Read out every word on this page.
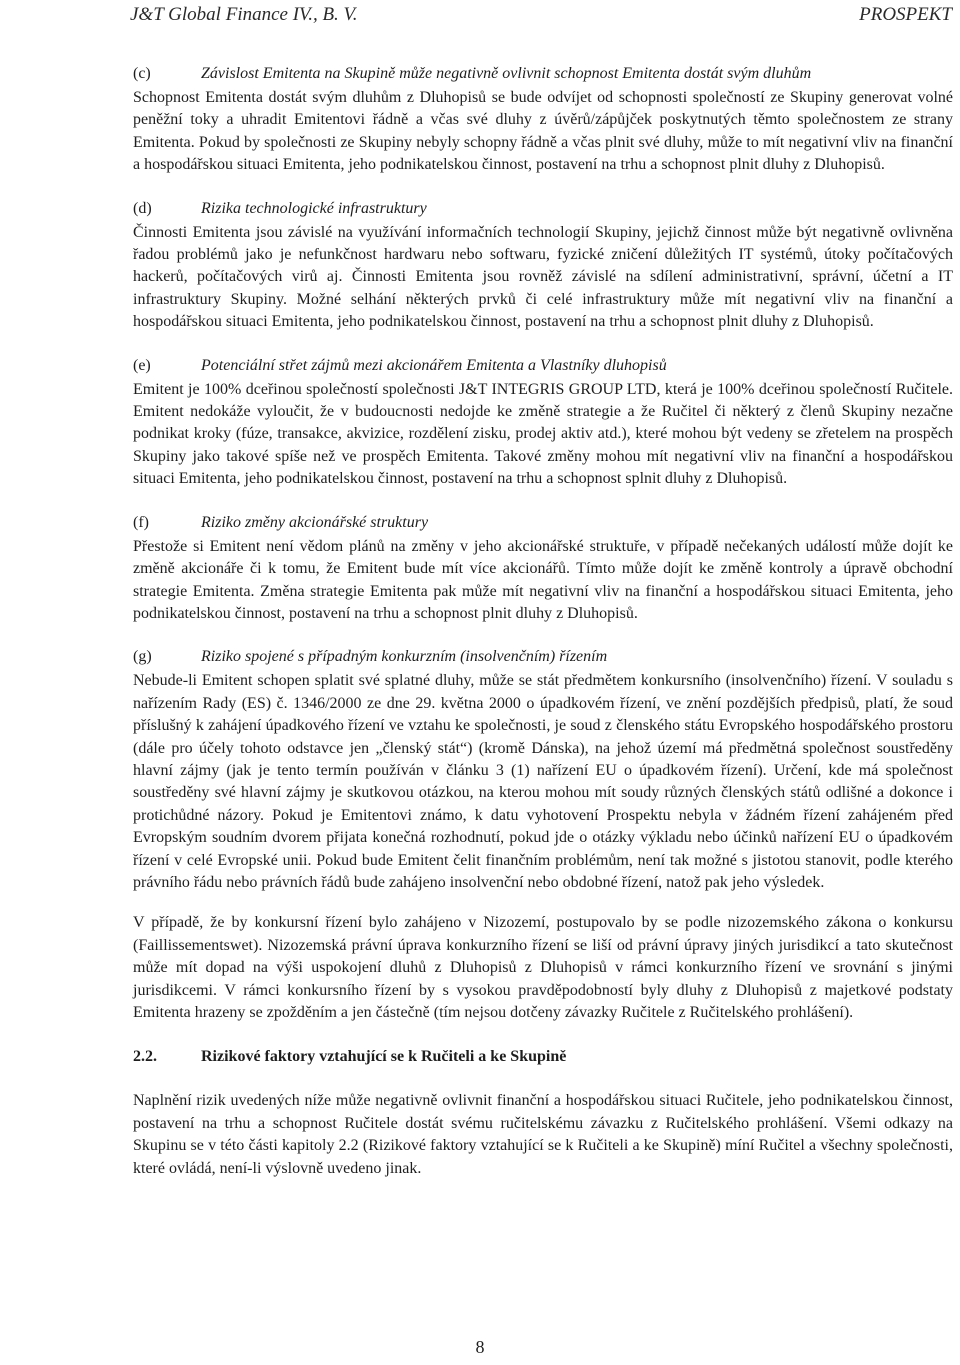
J&T Global Finance IV., B. V.	PROSPEKT
(c)	Závislost Emitenta na Skupině může negativně ovlivnit schopnost Emitenta dostát svým dluhům

Schopnost Emitenta dostát svým dluhům z Dluhopisů se bude odvíjet od schopnosti společností ze Skupiny generovat volné peněžní toky a uhradit Emitentovi řádně a včas své dluhy z úvěrů/zápůjček poskytnutých těmto společnostem ze strany Emitenta. Pokud by společnosti ze Skupiny nebyly schopny řádně a včas plnit své dluhy, může to mít negativní vliv na finanční a hospodářskou situaci Emitenta, jeho podnikatelskou činnost, postavení na trhu a schopnost plnit dluhy z Dluhopisů.

(d)	Rizika technologické infrastruktury

Činnosti Emitenta jsou závislé na využívání informačních technologií Skupiny, jejichž činnost může být negativně ovlivněna řadou problémů jako je nefunkčnost hardwaru nebo softwaru, fyzické zničení důležitých IT systémů, útoky počítačových hackerů, počítačových virů aj. Činnosti Emitenta jsou rovněž závislé na sdílení administrativní, správní, účetní a IT infrastruktury Skupiny. Možné selhání některých prvků či celé infrastruktury může mít negativní vliv na finanční a hospodářskou situaci Emitenta, jeho podnikatelskou činnost, postavení na trhu a schopnost plnit dluhy z Dluhopisů.

(e)	Potenciální střet zájmů mezi akcionářem Emitenta a Vlastníky dluhopisů

Emitent je 100% dceřinou společností společnosti J&T INTEGRIS GROUP LTD, která je 100% dceřinou společností Ručitele. Emitent nedokáže vyloučit, že v budoucnosti nedojde ke změně strategie a že Ručitel či některý z členů Skupiny nezačne podnikat kroky (fúze, transakce, akvizice, rozdělení zisku, prodej aktiv atd.), které mohou být vedeny se zřetelem na prospěch Skupiny jako takové spíše než ve prospěch Emitenta. Takové změny mohou mít negativní vliv na finanční a hospodářskou situaci Emitenta, jeho podnikatelskou činnost, postavení na trhu a schopnost splnit dluhy z Dluhopisů.

(f)	Riziko změny akcionářské struktury

Přestože si Emitent není vědom plánů na změny v jeho akcionářské struktuře, v případě nečekaných událostí může dojít ke změně akcionáře či k tomu, že Emitent bude mít více akcionářů. Tímto může dojít ke změně kontroly a úpravě obchodní strategie Emitenta. Změna strategie Emitenta pak může mít negativní vliv na finanční a hospodářskou situaci Emitenta, jeho podnikatelskou činnost, postavení na trhu a schopnost plnit dluhy z Dluhopisů.

(g)	Riziko spojené s případným konkurzním (insolvenčním) řízením

Nebude-li Emitent schopen splatit své splatné dluhy, může se stát předmětem konkursního (insolvenčního) řízení. V souladu s nařízením Rady (ES) č. 1346/2000 ze dne 29. května 2000 o úpadkovém řízení, ve znění pozdějších předpisů, platí, že soud příslušný k zahájení úpadkového řízení ve vztahu ke společnosti, je soud z členského státu Evropského hospodářského prostoru (dále pro účely tohoto odstavce jen „členský stát“) (kromě Dánska), na jehož území má předmětná společnost soustředěny hlavní zájmy (jak je tento termín používán v článku 3 (1) nařízení EU o úpadkovém řízení). Určení, kde má společnost soustředěny své hlavní zájmy je skutkovou otázkou, na kterou mohou mít soudy různých členských států odlišné a dokonce i protichůdné názory. Pokud je Emitentovi známo, k datu vyhotovení Prospektu nebyla v žádném řízení zahájeném před Evropským soudním dvorem přijata konečná rozhodnutí, pokud jde o otázky výkladu nebo účinků nařízení EU o úpadkovém řízení v celé Evropské unii. Pokud bude Emitent čelit finančním problémům, není tak možné s jistotou stanovit, podle kterého právního řádu nebo právních řádů bude zahájeno insolvenční nebo obdobné řízení, natož pak jeho výsledek.

V případě, že by konkursní řízení bylo zahájeno v Nizozemí, postupovalo by se podle nizozemského zákona o konkursu (Faillissementswet). Nizozemská právní úprava konkurzního řízení se liší od právní úpravy jiných jurisdikcí a tato skutečnost může mít dopad na výši uspokojení dluhů z Dluhopisů z Dluhopisů v rámci konkurzního řízení ve srovnání s jinými jurisdikcemi. V rámci konkursního řízení by s vysokou pravděpodobností byly dluhy z Dluhopisů z majetkové podstaty Emitenta hrazeny se zpožděním a jen částečně (tím nejsou dotčeny závazky Ručitele z Ručitelského prohlášení).

2.2.	Rizikové faktory vztahující se k Ručiteli a ke Skupině

Naplnění rizik uvedených níže může negativně ovlivnit finanční a hospodářskou situaci Ručitele, jeho podnikatelskou činnost, postavení na trhu a schopnost Ručitele dostát svému ručitelskému závazku z Ručitelského prohlášení. Všemi odkazy na Skupinu se v této části kapitoly 2.2 (Rizikové faktory vztahující se k Ručiteli a ke Skupině) míní Ručitel a všechny společnosti, které ovládá, není-li výslovně uvedeno jinak.

8
